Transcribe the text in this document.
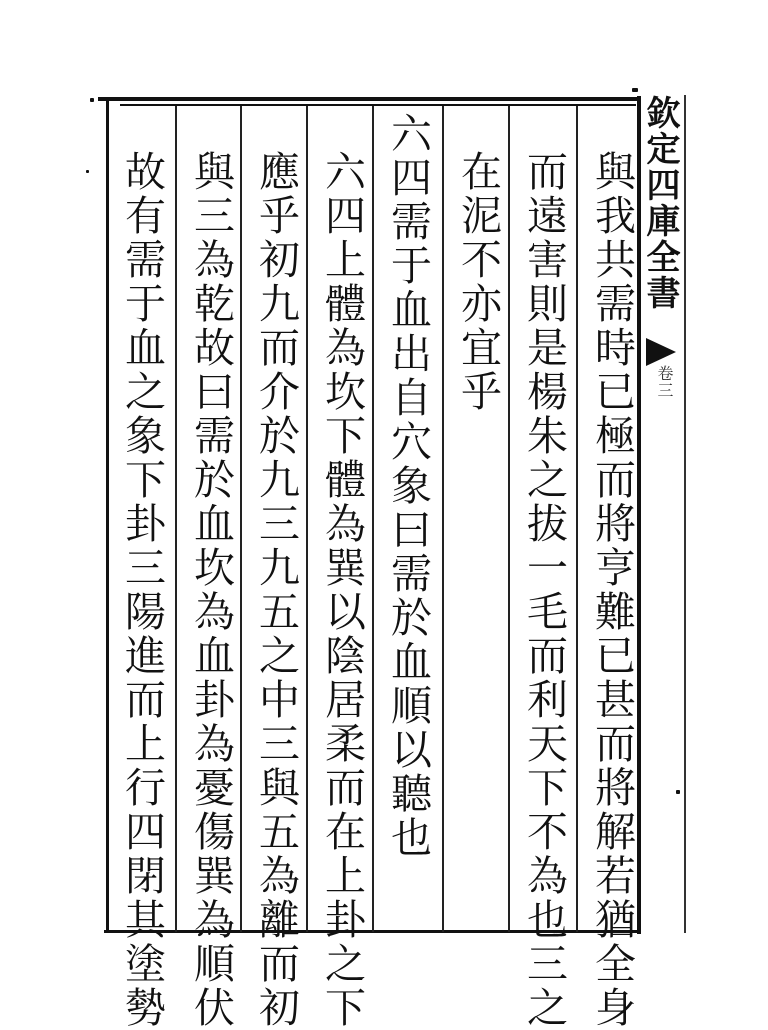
欽定四庫全書
卷三
與我共需時已極而將亨難已甚而將解若猶全身
而遠害則是楊朱之拔一毛而利天下不為也三之
在泥不亦宜乎
六四需于血出自穴象曰需於血順以聽也
六四上體為坎下體為巽以陰居柔而在上卦之下
應乎初九而介於九三九五之中三與五為離而初
與三為乾故曰需於血坎為血卦為憂傷巽為順伏
故有需于血之象下卦三陽進而上行四閉其塗勢
